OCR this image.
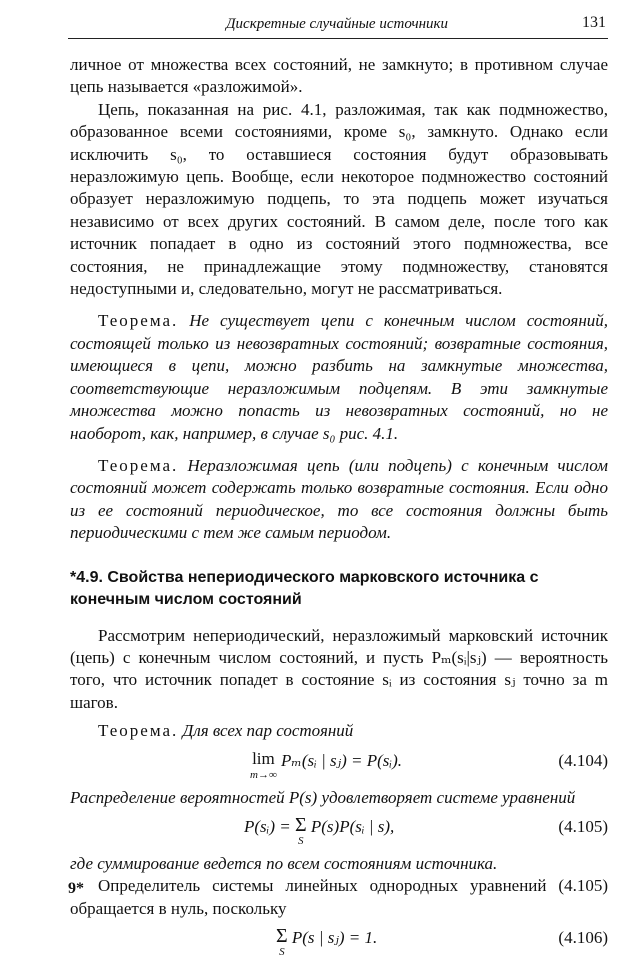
Дискретные случайные источники	131

личное от множества всех состояний, не замкнуто; в противном случае цепь называется «разложимой».

Цепь, показанная на рис. 4.1, разложимая, так как подмножество, образованное всеми состояниями, кроме s₀, замкнуто. Однако если исключить s₀, то оставшиеся состояния будут образовывать неразложимую цепь. Вообще, если некоторое подмножество состояний образует неразложимую подцепь, то эта подцепь может изучаться независимо от всех других состояний. В самом деле, после того как источник попадает в одно из состояний этого подмножества, все состояния, не принадлежащие этому подмножеству, становятся недоступными и, следовательно, могут не рассматриваться.

Теорема. Не существует цепи с конечным числом состояний, состоящей только из невозвратных состояний; возвратные состояния, имеющиеся в цепи, можно разбить на замкнутые множества, соответствующие неразложимым подцепям. В эти замкнутые множества можно попасть из невозвратных состояний, но не наоборот, как, например, в случае s₀ рис. 4.1.

Теорема. Неразложимая цепь (или подцепь) с конечным числом состояний может содержать только возвратные состояния. Если одно из ее состояний периодическое, то все состояния должны быть периодическими с тем же самым периодом.

*4.9. Свойства непериодического марковского источника с конечным числом состояний

Рассмотрим непериодический, неразложимый марковский источник (цепь) с конечным числом состояний, и пусть Pₘ(sᵢ|sⱼ) — вероятность того, что источник попадет в состояние sᵢ из состояния sⱼ точно за m шагов.

Теорема. Для всех пар состояний

lim
m→∞
Pₘ(sᵢ | sⱼ) = P(sᵢ).	(4.104)

Распределение вероятностей P(s) удовлетворяет системе уравнений

P(sᵢ) = Σ
S
P(s)P(sᵢ | s),	(4.105)

где суммирование ведется по всем состояниям источника.

Определитель системы линейных однородных уравнений (4.105) обращается в нуль, поскольку

Σ
S
P(s | sⱼ) = 1.	(4.106)
9*
